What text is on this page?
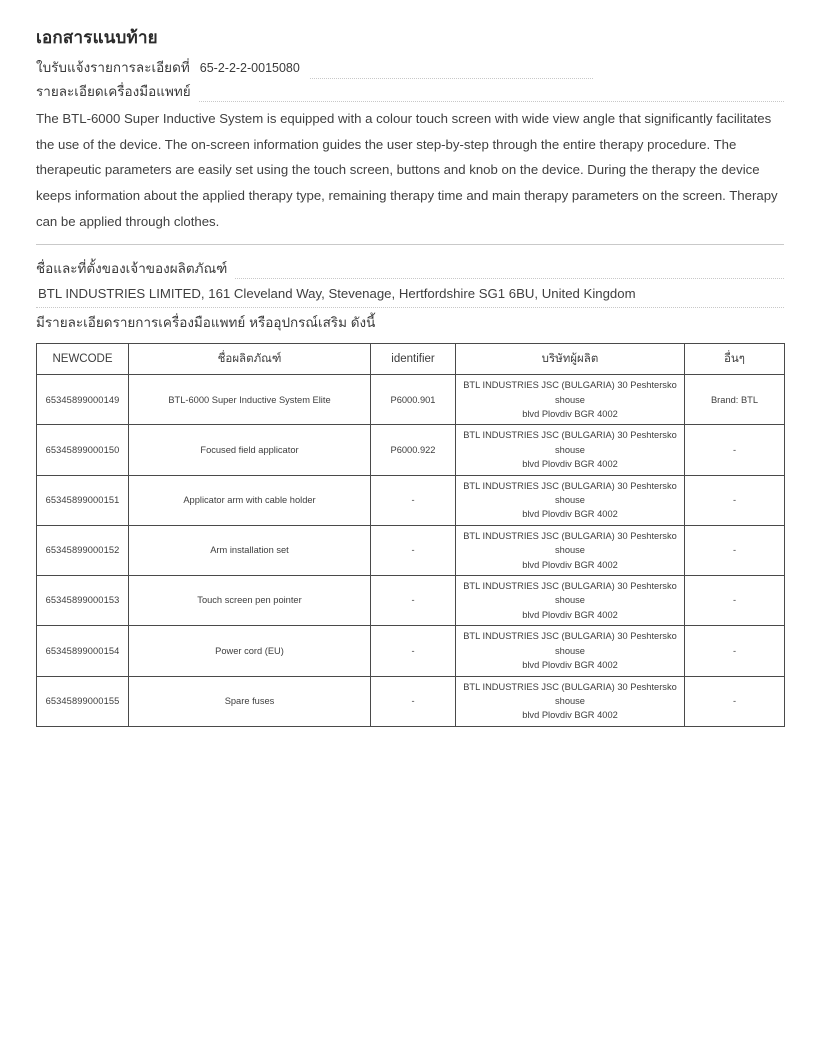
เอกสารแนบท้าย
ใบรับแจ้งรายการละเอียดที่ 65-2-2-2-0015080
รายละเอียดเครื่องมือแพทย์

The BTL-6000 Super Inductive System is equipped with a colour touch screen with wide view angle that significantly facilitates the use of the device. The on-screen information guides the user step-by-step through the entire therapy procedure. The therapeutic parameters are easily set using the touch screen, buttons and knob on the device. During the therapy the device keeps information about the applied therapy type, remaining therapy time and main therapy parameters on the screen. Therapy can be applied through clothes.

ชื่อและที่ตั้งของเจ้าของผลิตภัณฑ์
BTL INDUSTRIES LIMITED, 161 Cleveland Way, Stevenage, Hertfordshire SG1 6BU, United Kingdom
มีรายละเอียดรายการเครื่องมือแพทย์ หรืออุปกรณ์เสริม ดังนี้
NEWCODE	ชื่อผลิตภัณฑ์	identifier	บริษัทผู้ผลิต	อื่นๆ
65345899000149	BTL-6000 Super Inductive System Elite	P6000.901	BTL INDUSTRIES JSC (BULGARIA) 30 Peshtersko shouse
blvd Plovdiv BGR 4002	Brand: BTL
65345899000150	Focused field applicator	P6000.922	BTL INDUSTRIES JSC (BULGARIA) 30 Peshtersko shouse
blvd Plovdiv BGR 4002	-
65345899000151	Applicator arm with cable holder	-	BTL INDUSTRIES JSC (BULGARIA) 30 Peshtersko shouse
blvd Plovdiv BGR 4002	-
65345899000152	Arm installation set	-	BTL INDUSTRIES JSC (BULGARIA) 30 Peshtersko shouse
blvd Plovdiv BGR 4002	-
65345899000153	Touch screen pen pointer	-	BTL INDUSTRIES JSC (BULGARIA) 30 Peshtersko shouse
blvd Plovdiv BGR 4002	-
65345899000154	Power cord (EU)	-	BTL INDUSTRIES JSC (BULGARIA) 30 Peshtersko shouse
blvd Plovdiv BGR 4002	-
65345899000155	Spare fuses	-	BTL INDUSTRIES JSC (BULGARIA) 30 Peshtersko shouse
blvd Plovdiv BGR 4002	-
